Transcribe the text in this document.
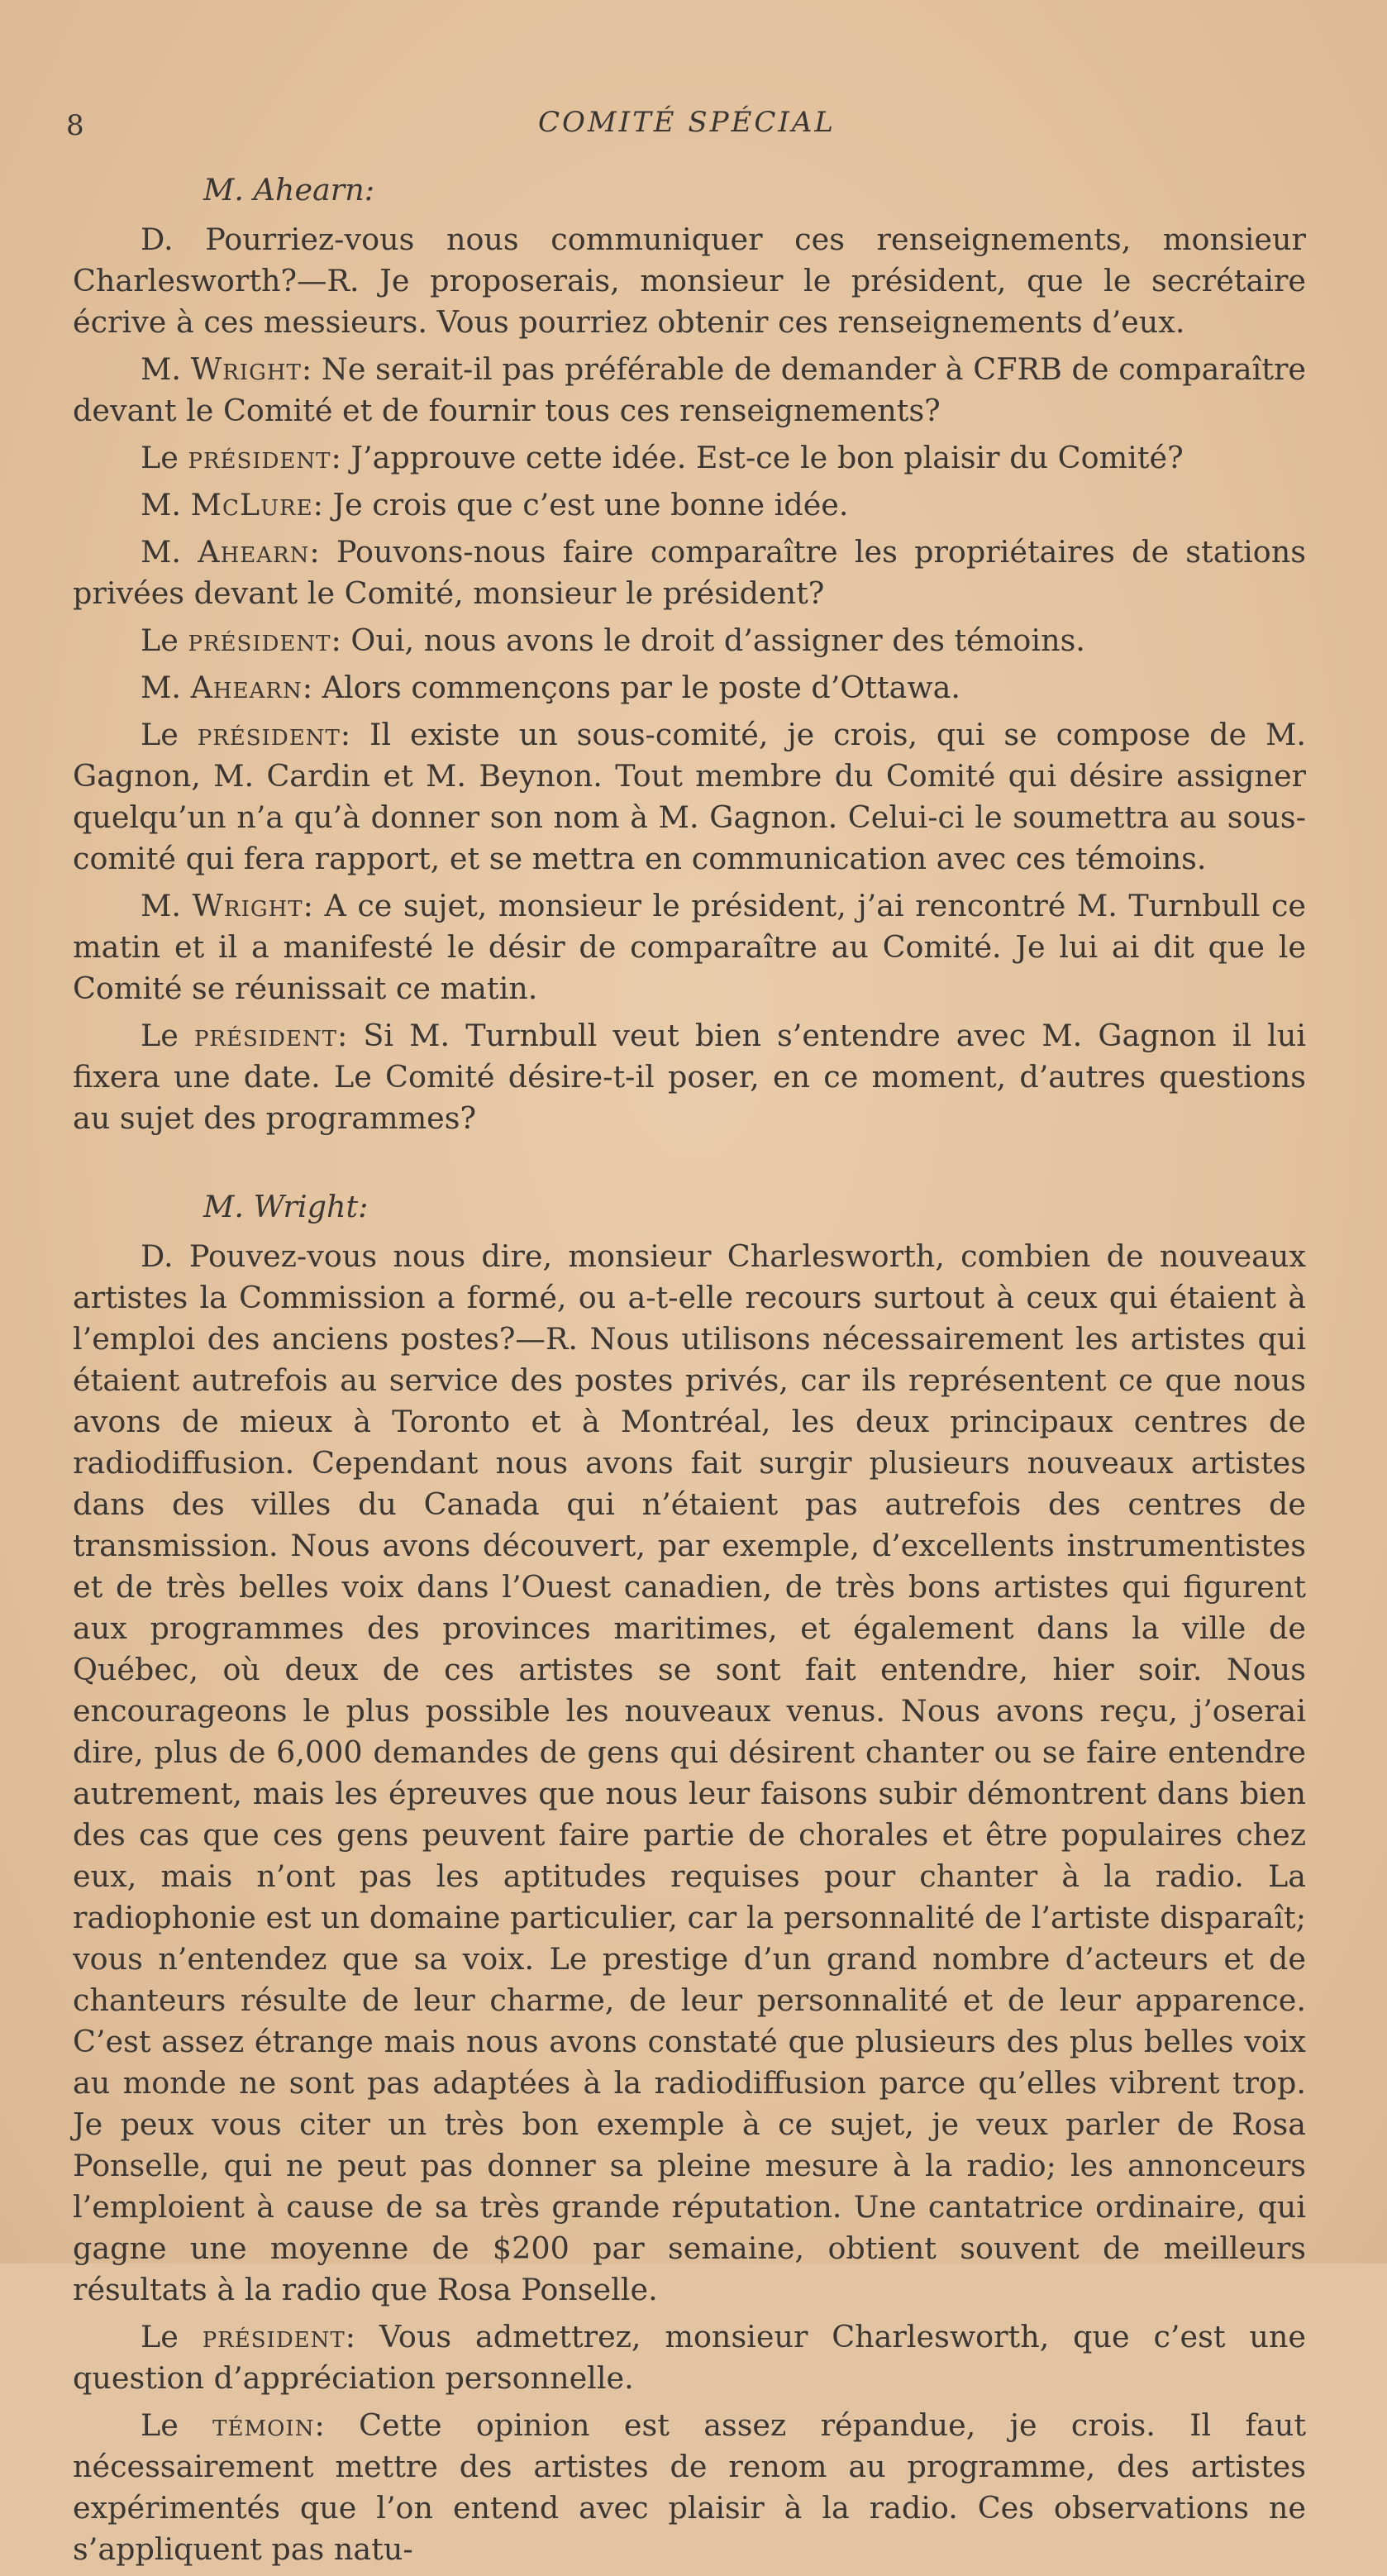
8	COMITÉ SPÉCIAL
M. Ahearn:

D. Pourriez-vous nous communiquer ces renseignements, monsieur Charlesworth?—R. Je proposerais, monsieur le président, que le secrétaire écrive à ces messieurs. Vous pourriez obtenir ces renseignements d’eux.

M. Wright: Ne serait-il pas préférable de demander à CFRB de comparaître devant le Comité et de fournir tous ces renseignements?

Le président: J’approuve cette idée. Est-ce le bon plaisir du Comité?

M. McLure: Je crois que c’est une bonne idée.

M. Ahearn: Pouvons-nous faire comparaître les propriétaires de stations privées devant le Comité, monsieur le président?

Le président: Oui, nous avons le droit d’assigner des témoins.

M. Ahearn: Alors commençons par le poste d’Ottawa.

Le président: Il existe un sous-comité, je crois, qui se compose de M. Gagnon, M. Cardin et M. Beynon. Tout membre du Comité qui désire assigner quelqu’un n’a qu’à donner son nom à M. Gagnon. Celui-ci le soumettra au sous-comité qui fera rapport, et se mettra en communication avec ces témoins.

M. Wright: A ce sujet, monsieur le président, j’ai rencontré M. Turnbull ce matin et il a manifesté le désir de comparaître au Comité. Je lui ai dit que le Comité se réunissait ce matin.

Le président: Si M. Turnbull veut bien s’entendre avec M. Gagnon il lui fixera une date. Le Comité désire-t-il poser, en ce moment, d’autres questions au sujet des programmes?

M. Wright:

D. Pouvez-vous nous dire, monsieur Charlesworth, combien de nouveaux artistes la Commission a formé, ou a-t-elle recours surtout à ceux qui étaient à l’emploi des anciens postes?—R. Nous utilisons nécessairement les artistes qui étaient autrefois au service des postes privés, car ils représentent ce que nous avons de mieux à Toronto et à Montréal, les deux principaux centres de radiodiffusion. Cependant nous avons fait surgir plusieurs nouveaux artistes dans des villes du Canada qui n’étaient pas autrefois des centres de transmission. Nous avons découvert, par exemple, d’excellents instrumentistes et de très belles voix dans l’Ouest canadien, de très bons artistes qui figurent aux programmes des provinces maritimes, et également dans la ville de Québec, où deux de ces artistes se sont fait entendre, hier soir. Nous encourageons le plus possible les nouveaux venus. Nous avons reçu, j’oserai dire, plus de 6,000 demandes de gens qui désirent chanter ou se faire entendre autrement, mais les épreuves que nous leur faisons subir démontrent dans bien des cas que ces gens peuvent faire partie de chorales et être populaires chez eux, mais n’ont pas les aptitudes requises pour chanter à la radio. La radiophonie est un domaine particulier, car la personnalité de l’artiste disparaît; vous n’entendez que sa voix. Le prestige d’un grand nombre d’acteurs et de chanteurs résulte de leur charme, de leur personnalité et de leur apparence. C’est assez étrange mais nous avons constaté que plusieurs des plus belles voix au monde ne sont pas adaptées à la radiodiffusion parce qu’elles vibrent trop. Je peux vous citer un très bon exemple à ce sujet, je veux parler de Rosa Ponselle, qui ne peut pas donner sa pleine mesure à la radio; les annonceurs l’emploient à cause de sa très grande réputation. Une cantatrice ordinaire, qui gagne une moyenne de $200 par semaine, obtient souvent de meilleurs résultats à la radio que Rosa Ponselle.

Le président: Vous admettrez, monsieur Charlesworth, que c’est une question d’appréciation personnelle.

Le témoin: Cette opinion est assez répandue, je crois. Il faut nécessairement mettre des artistes de renom au programme, des artistes expérimentés que l’on entend avec plaisir à la radio. Ces observations ne s’appliquent pas natu-
